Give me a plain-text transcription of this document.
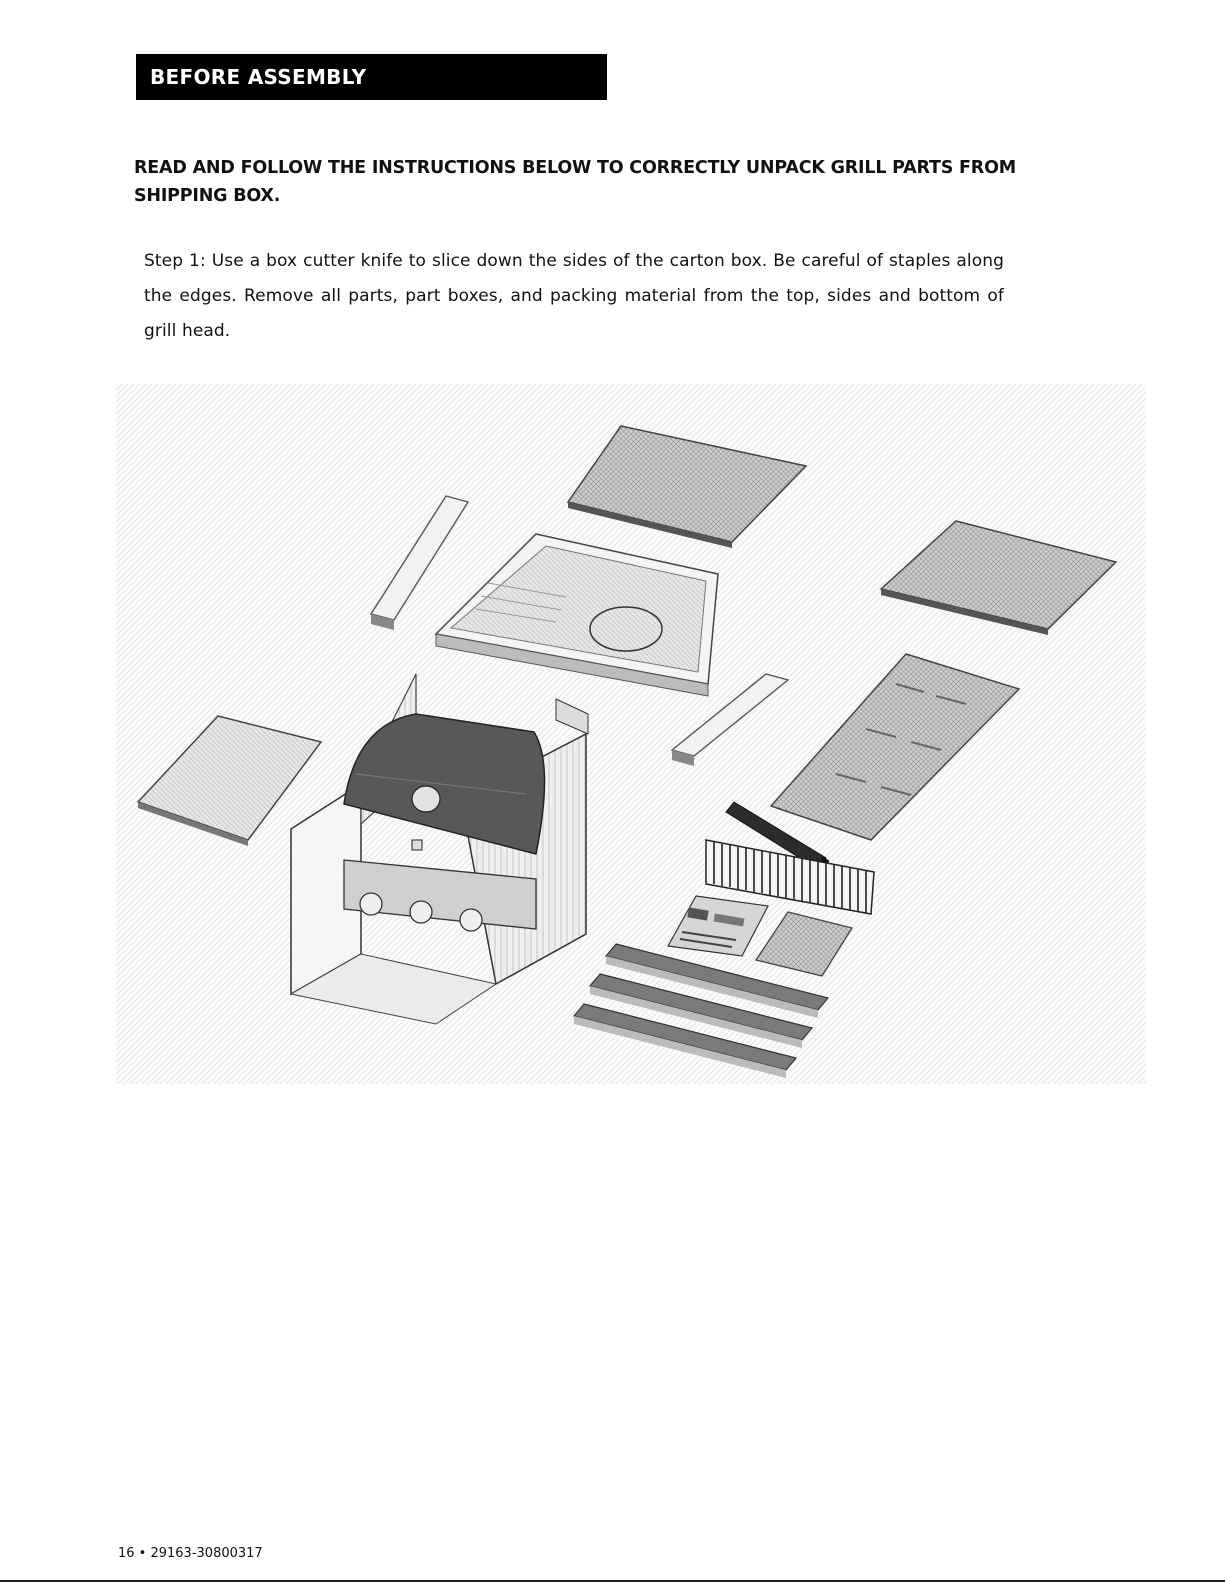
BEFORE ASSEMBLY
READ AND FOLLOW THE INSTRUCTIONS BELOW TO CORRECTLY UNPACK GRILL PARTS FROM SHIPPING BOX.
Step 1: Use a box cutter knife to slice down the sides of the carton box. Be careful of staples along the edges. Remove all parts, part boxes, and packing material from the top, sides and bottom of grill head.
16 • 29163-30800317
